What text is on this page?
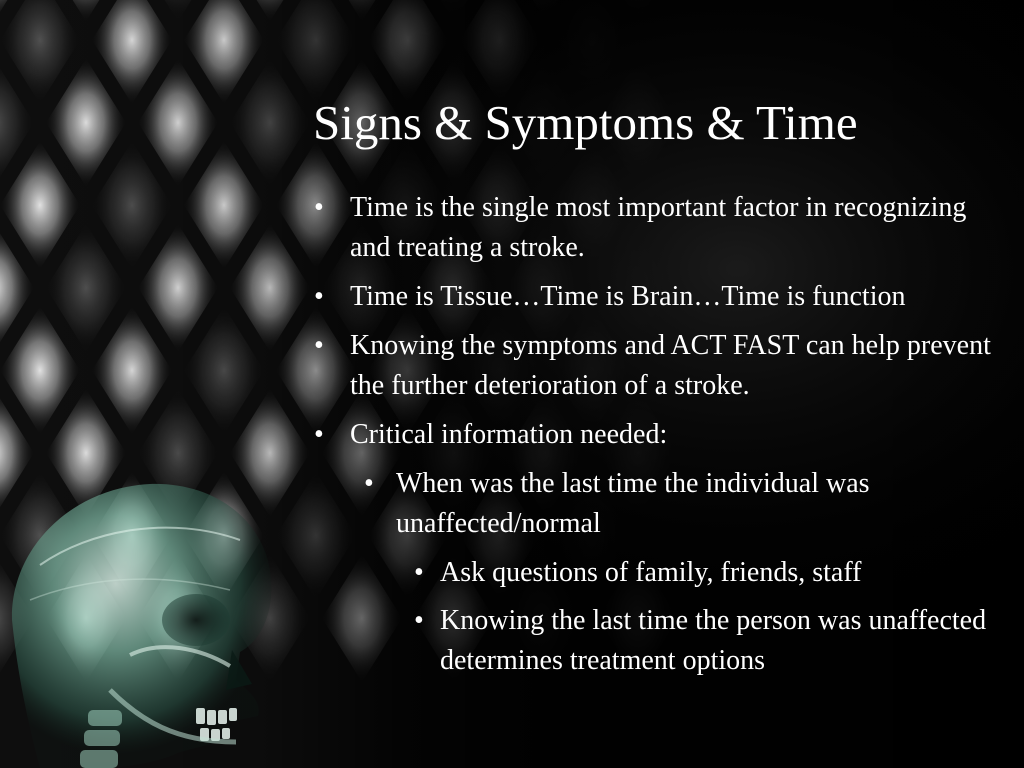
Signs & Symptoms & Time
• Time is the single most important factor in recognizing and treating a stroke.
• Time is Tissue…Time is Brain…Time is function
• Knowing the symptoms and ACT FAST can help prevent the further deterioration of a stroke.
• Critical information needed:
• When was the last time the individual was unaffected/normal
• Ask questions of family, friends, staff
• Knowing the last time the person was unaffected determines treatment options
